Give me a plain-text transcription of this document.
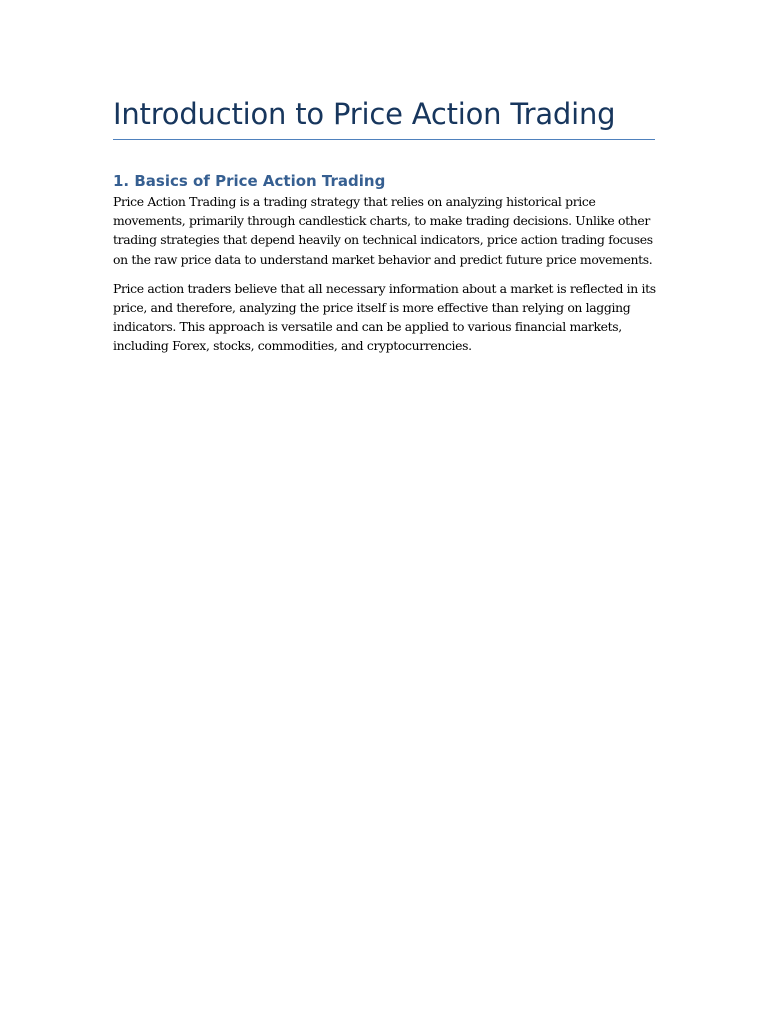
Introduction to Price Action Trading
1. Basics of Price Action Trading

Price Action Trading is a trading strategy that relies on analyzing historical price
movements, primarily through candlestick charts, to make trading decisions. Unlike other
trading strategies that depend heavily on technical indicators, price action trading focuses
on the raw price data to understand market behavior and predict future price movements.

Price action traders believe that all necessary information about a market is reflected in its
price, and therefore, analyzing the price itself is more effective than relying on lagging
indicators. This approach is versatile and can be applied to various financial markets,
including Forex, stocks, commodities, and cryptocurrencies.
